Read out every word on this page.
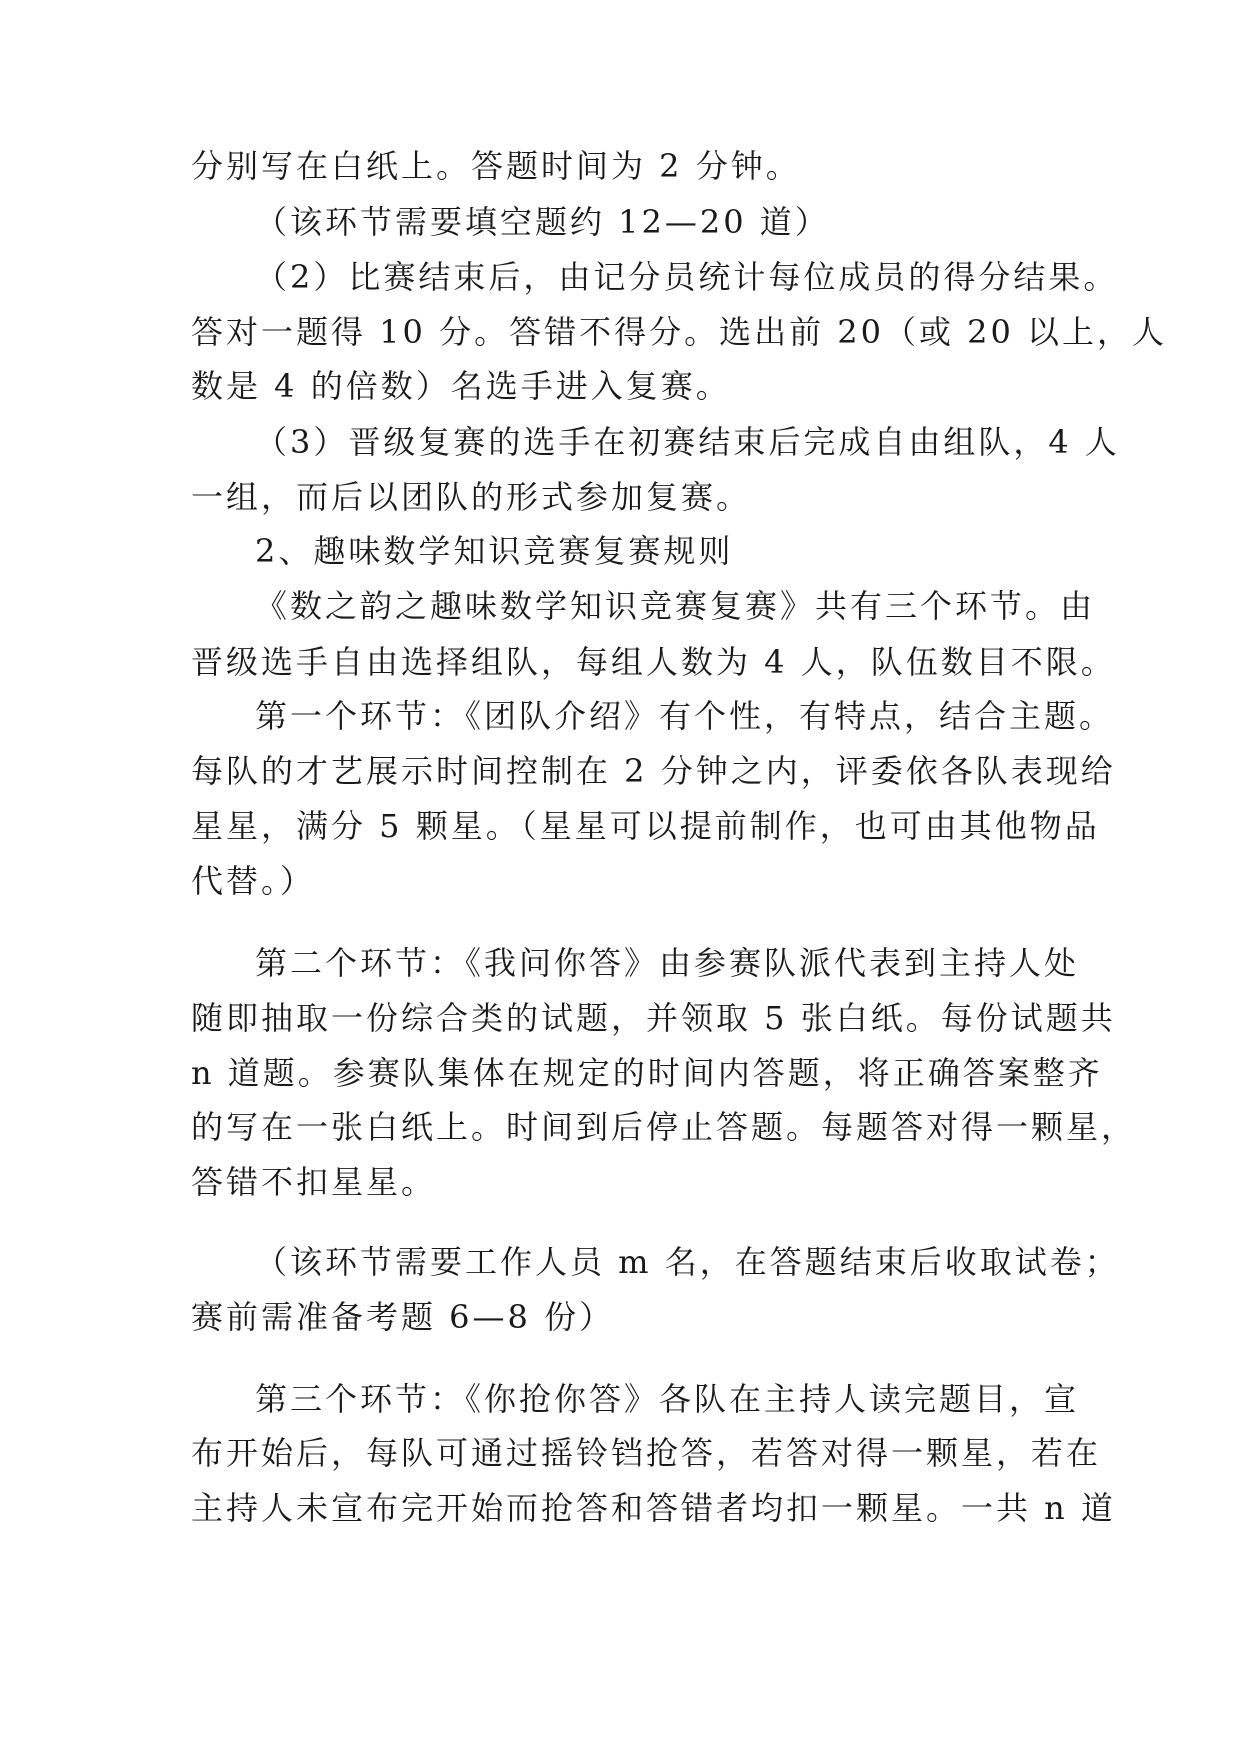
分别写在白纸上。答题时间为 2 分钟。
（该环节需要填空题约 12—20 道）
（2）比赛结束后，由记分员统计每位成员的得分结果。
答对一题得 10 分。答错不得分。选出前 20（或 20 以上，人
数是 4 的倍数）名选手进入复赛。
（3）晋级复赛的选手在初赛结束后完成自由组队，4 人
一组，而后以团队的形式参加复赛。
2、趣味数学知识竞赛复赛规则
《数之韵之趣味数学知识竞赛复赛》共有三个环节。由
晋级选手自由选择组队，每组人数为 4 人，队伍数目不限。
第一个环节：《团队介绍》有个性，有特点，结合主题。
每队的才艺展示时间控制在 2 分钟之内，评委依各队表现给
星星，满分 5 颗星。（星星可以提前制作，也可由其他物品
代替。）
第二个环节：《我问你答》由参赛队派代表到主持人处
随即抽取一份综合类的试题，并领取 5 张白纸。每份试题共
n 道题。参赛队集体在规定的时间内答题，将正确答案整齐
的写在一张白纸上。时间到后停止答题。每题答对得一颗星，
答错不扣星星。
（该环节需要工作人员 m 名，在答题结束后收取试卷；
赛前需准备考题 6—8 份）
第三个环节：《你抢你答》各队在主持人读完题目，宣
布开始后，每队可通过摇铃铛抢答，若答对得一颗星，若在
主持人未宣布完开始而抢答和答错者均扣一颗星。一共 n 道
